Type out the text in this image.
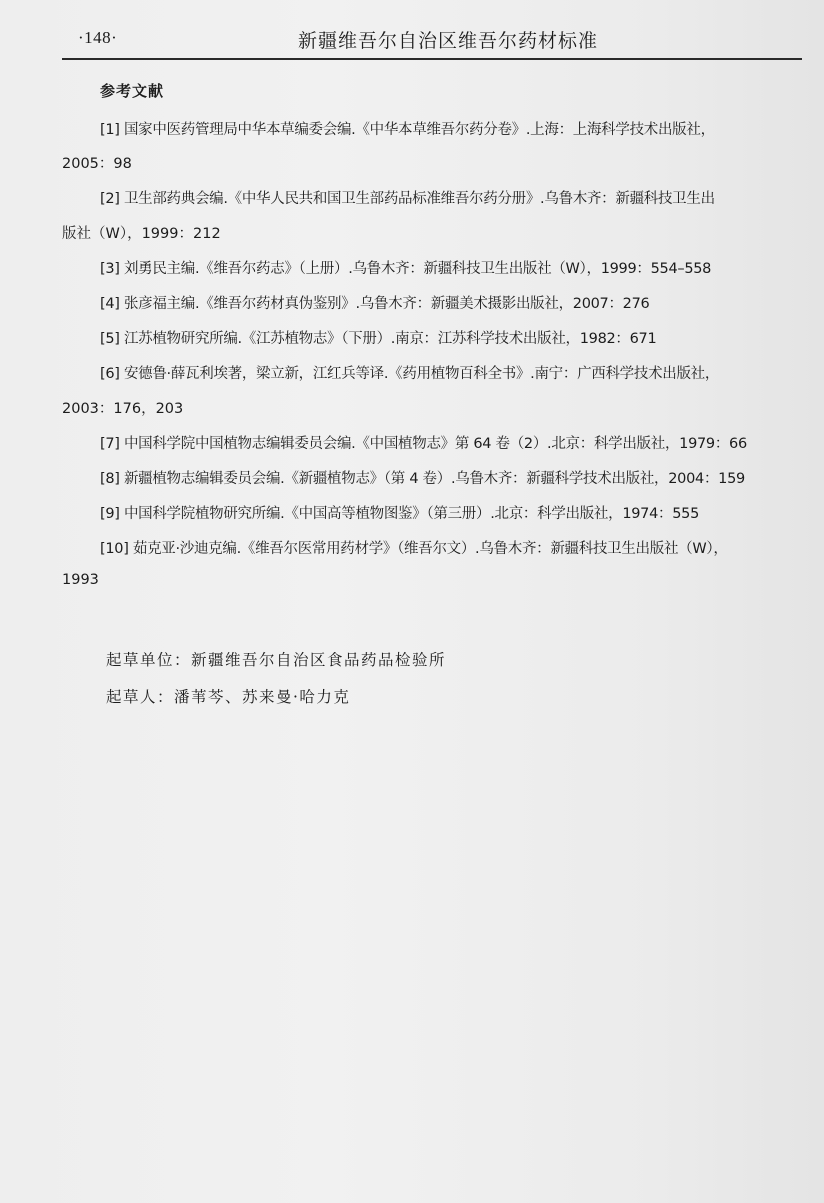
·148·	新疆维吾尔自治区维吾尔药材标准
参考文献
[1] 国家中医药管理局中华本草编委会编.《中华本草维吾尔药分卷》.上海：上海科学技术出版社，
2005：98
[2] 卫生部药典会编.《中华人民共和国卫生部药品标准维吾尔药分册》.乌鲁木齐：新疆科技卫生出
版社（W），1999：212
[3] 刘勇民主编.《维吾尔药志》（上册）.乌鲁木齐：新疆科技卫生出版社（W），1999：554–558
[4] 张彦福主编.《维吾尔药材真伪鉴别》.乌鲁木齐：新疆美术摄影出版社，2007：276
[5] 江苏植物研究所编.《江苏植物志》（下册）.南京：江苏科学技术出版社，1982：671
[6] 安德鲁·薛瓦利埃著，梁立新，江红兵等译.《药用植物百科全书》.南宁：广西科学技术出版社，
2003：176，203
[7] 中国科学院中国植物志编辑委员会编.《中国植物志》第 64 卷（2）.北京：科学出版社，1979：66
[8] 新疆植物志编辑委员会编.《新疆植物志》（第 4 卷）.乌鲁木齐：新疆科学技术出版社，2004：159
[9] 中国科学院植物研究所编.《中国高等植物图鉴》（第三册）.北京：科学出版社，1974：555
[10] 茹克亚·沙迪克编.《维吾尔医常用药材学》（维吾尔文）.乌鲁木齐：新疆科技卫生出版社（W），
1993
起草单位：新疆维吾尔自治区食品药品检验所
起草人：潘苇芩、苏来曼·哈力克
